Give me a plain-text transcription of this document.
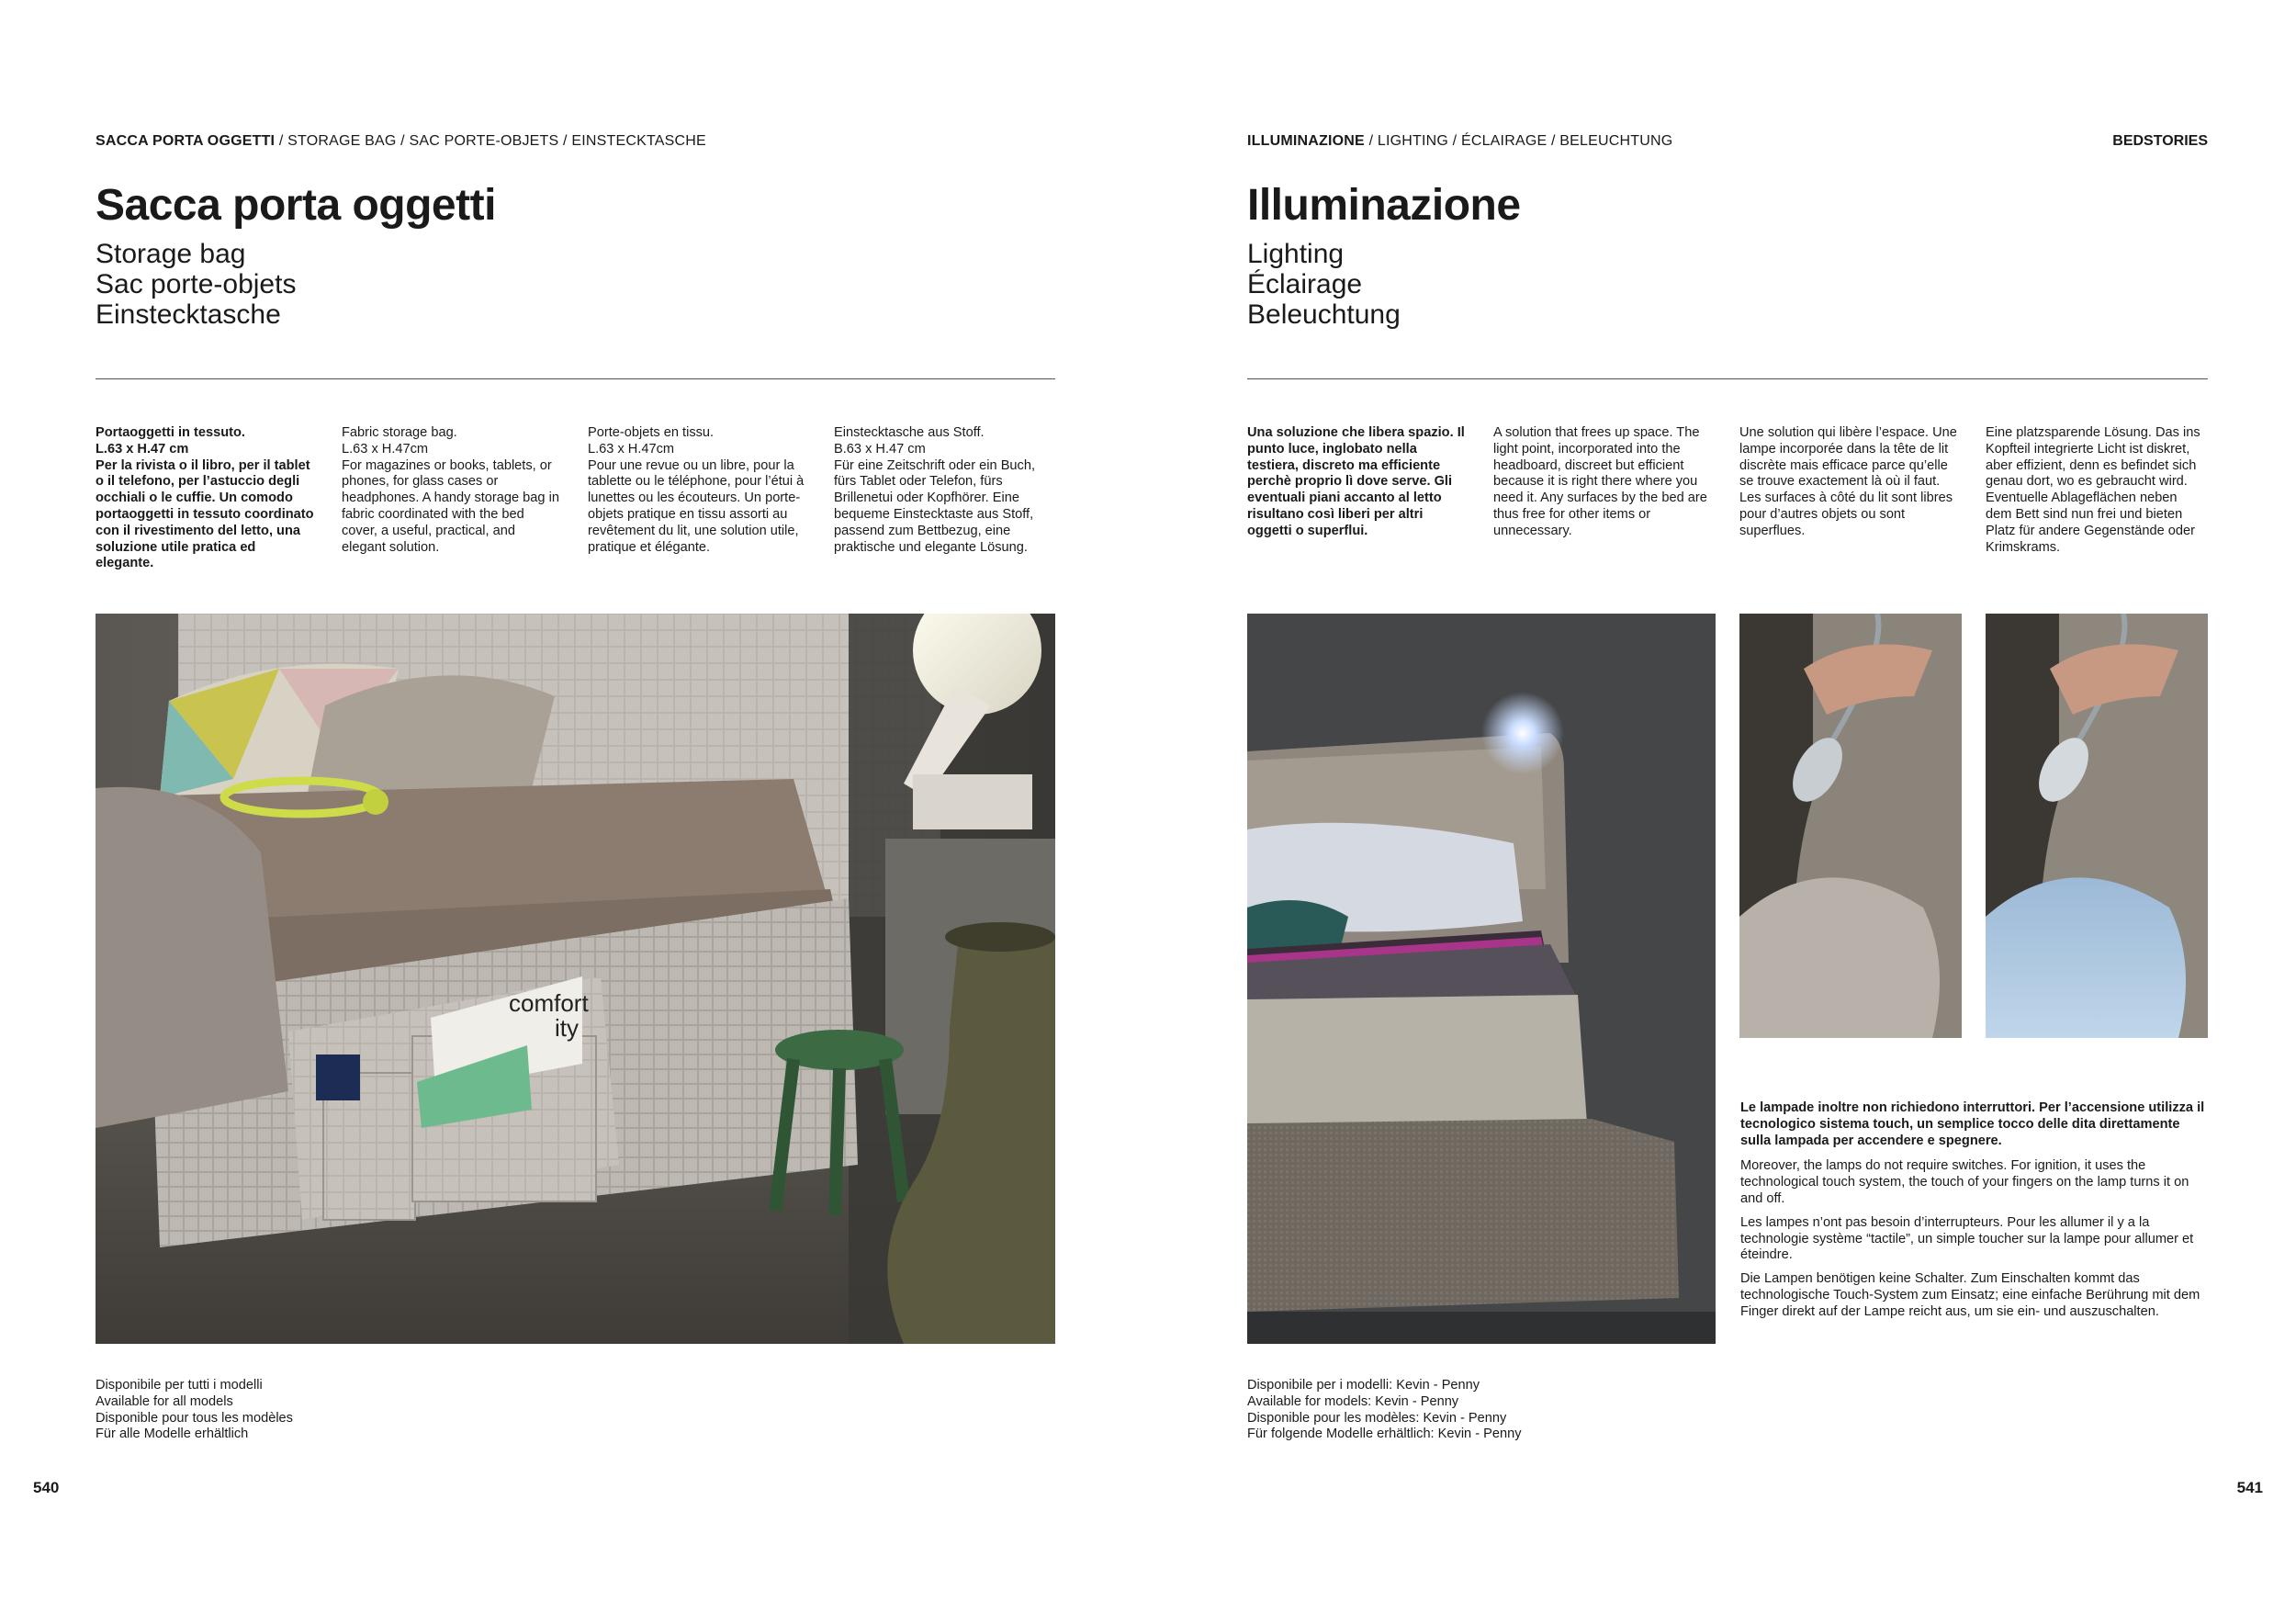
SACCA PORTA OGGETTI / STORAGE BAG / SAC PORTE-OBJETS / EINSTECKTASCHE
Sacca porta oggetti
Storage bag
Sac porte-objets
Einstecktasche

Portaoggetti in tessuto.

L.63 x H.47 cm

Per la rivista o il libro, per il tablet o il telefono, per l’astuccio degli occhiali o le cuffie. Un comodo portaoggetti in tessuto coordinato con il rivestimento del letto, una soluzione utile pratica ed elegante.

Fabric storage bag.

L.63 x H.47cm

For magazines or books, tablets, or phones, for glass cases or headphones. A handy storage bag in fabric coordinated with the bed cover, a useful, practical, and elegant solution.

Porte-objets en tissu.

L.63 x H.47cm

Pour une revue ou un libre, pour la tablette ou le téléphone, pour l’étui à lunettes ou les écouteurs. Un porte-objets pratique en tissu assorti au revêtement du lit, une solution utile, pratique et élégante.

Einstecktasche aus Stoff.

B.63 x H.47 cm

Für eine Zeitschrift oder ein Buch, fürs Tablet oder Telefon, fürs Brillenetui oder Kopfhörer. Eine bequeme Einstecktaste aus Stoff, passend zum Bettbezug, eine praktische und elegante Lösung.

comfort
ity
Disponibile per tutti i modelli
Available for all models
Disponible pour tous les modèles
Für alle Modelle erhältlich
540
ILLUMINAZIONE / LIGHTING / ÉCLAIRAGE / BELEUCHTUNG	BEDSTORIES
Illuminazione
Lighting
Éclairage
Beleuchtung

Una soluzione che libera spazio. Il punto luce, inglobato nella testiera, discreto ma efficiente perchè proprio lì dove serve. Gli eventuali piani accanto al letto risultano così liberi per altri oggetti o superflui.

A solution that frees up space. The light point, incorporated into the headboard, discreet but efficient because it is right there where you need it. Any surfaces by the bed are thus free for other items or unnecessary.

Une solution qui libère l’espace. Une lampe incorporée dans la tête de lit discrète mais efficace parce qu’elle se trouve exactement là où il faut. Les surfaces à côté du lit sont libres pour d’autres objets ou sont superflues.

Eine platzsparende Lösung. Das ins Kopfteil integrierte Licht ist diskret, aber effizient, denn es befindet sich genau dort, wo es gebraucht wird. Eventuelle Ablageflächen neben dem Bett sind nun frei und bieten Platz für andere Gegenstände oder Krimskrams.

Le lampade inoltre non richiedono interruttori. Per l’accensione utilizza il tecnologico sistema touch, un semplice tocco delle dita direttamente sulla lampada per accendere e spegnere.

Moreover, the lamps do not require switches. For ignition, it uses the technological touch system, the touch of your fingers on the lamp turns it on and off.

Les lampes n’ont pas besoin d’interrupteurs. Pour les allumer il y a la technologie système “tactile”, un simple toucher sur la lampe pour allumer et éteindre.

Die Lampen benötigen keine Schalter. Zum Einschalten kommt das technologische Touch-System zum Einsatz; eine einfache Berührung mit dem Finger direkt auf der Lampe reicht aus, um sie ein- und auszuschalten.

Disponibile per i modelli: Kevin - Penny
Available for models: Kevin - Penny
Disponible pour les modèles: Kevin - Penny
Für folgende Modelle erhältlich: Kevin - Penny
541
